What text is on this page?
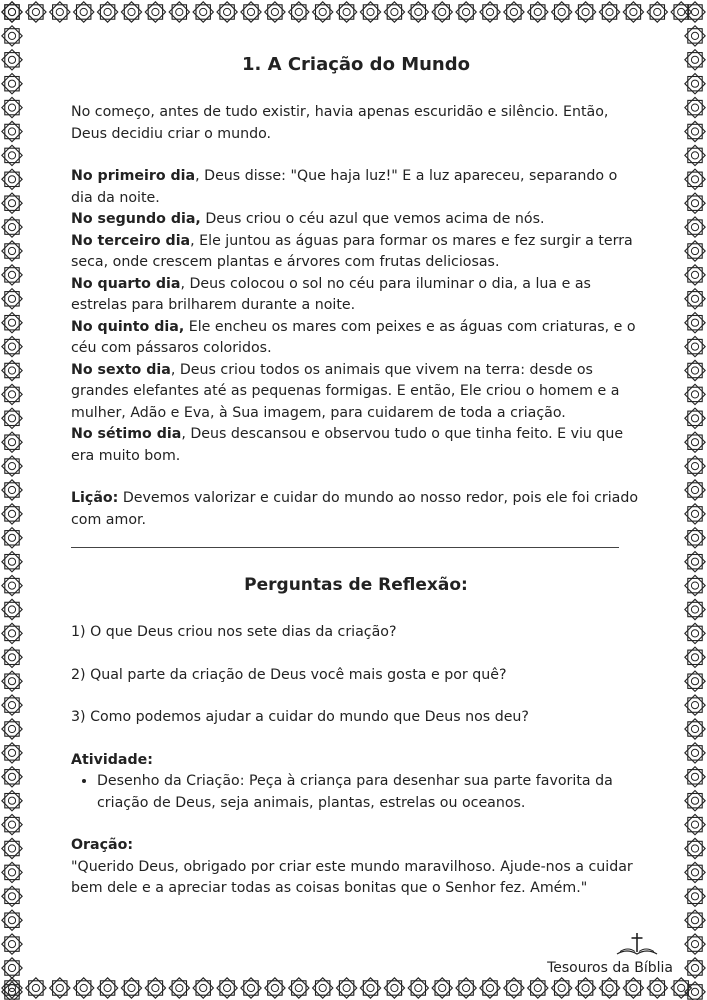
1. A Criação do Mundo

No começo, antes de tudo existir, havia apenas escuridão e silêncio. Então, Deus decidiu criar o mundo.

No primeiro dia, Deus disse: "Que haja luz!" E a luz apareceu, separando o dia da noite.

No segundo dia, Deus criou o céu azul que vemos acima de nós.

No terceiro dia, Ele juntou as águas para formar os mares e fez surgir a terra seca, onde crescem plantas e árvores com frutas deliciosas.

No quarto dia, Deus colocou o sol no céu para iluminar o dia, a lua e as estrelas para brilharem durante a noite.

No quinto dia, Ele encheu os mares com peixes e as águas com criaturas, e o céu com pássaros coloridos.

No sexto dia, Deus criou todos os animais que vivem na terra: desde os grandes elefantes até as pequenas formigas. E então, Ele criou o homem e a mulher, Adão e Eva, à Sua imagem, para cuidarem de toda a criação.

No sétimo dia, Deus descansou e observou tudo o que tinha feito. E viu que era muito bom.

Lição: Devemos valorizar e cuidar do mundo ao nosso redor, pois ele foi criado com amor.

Perguntas de Reflexão:

1) O que Deus criou nos sete dias da criação?

2) Qual parte da criação de Deus você mais gosta e por quê?

3) Como podemos ajudar a cuidar do mundo que Deus nos deu?

Atividade:

• Desenho da Criação: Peça à criança para desenhar sua parte favorita da criação de Deus, seja animais, plantas, estrelas ou oceanos.

Oração:

"Querido Deus, obrigado por criar este mundo maravilhoso. Ajude-nos a cuidar bem dele e a apreciar todas as coisas bonitas que o Senhor fez. Amém."

Tesouros da Bíblia
